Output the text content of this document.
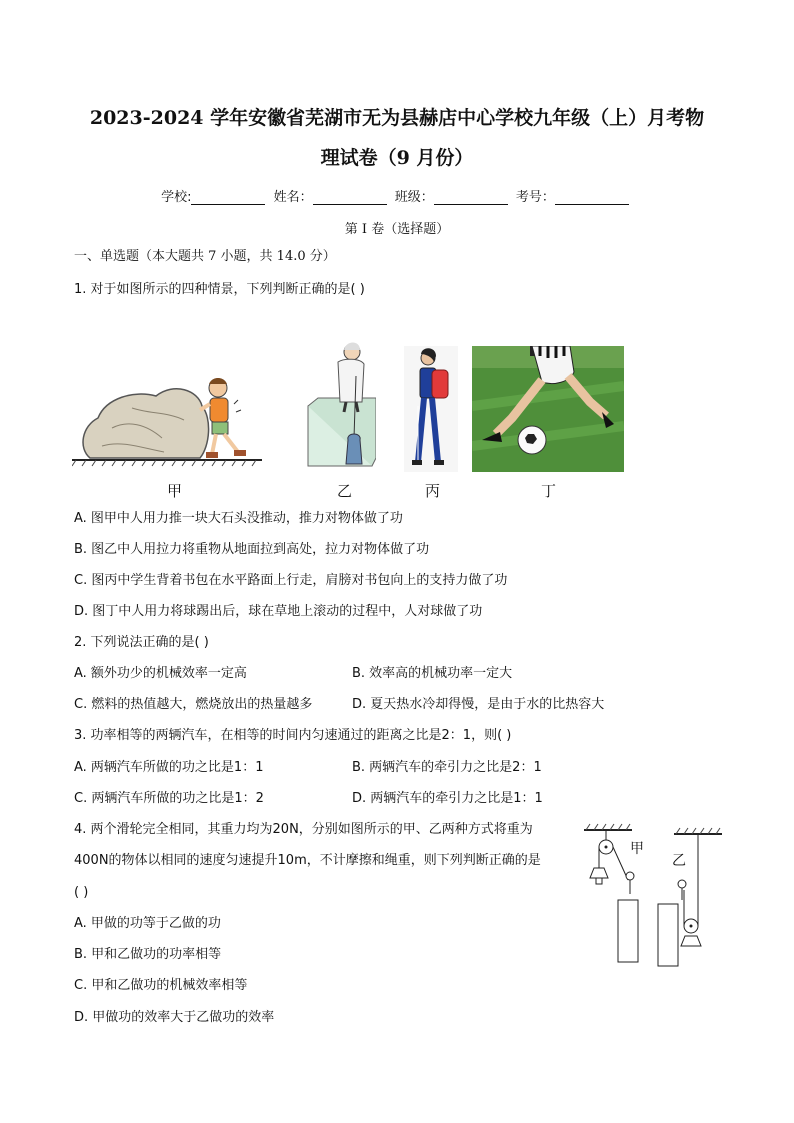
2023-2024 学年安徽省芜湖市无为县赫店中心学校九年级（上）月考物
理试卷（9 月份）
学校:	姓名：	班级：	考号：
第 I 卷（选择题）
一、单选题（本大题共 7 小题，共 14.0 分）
1. 对于如图所示的四种情景，下列判断正确的是( )
甲	乙	丙	丁
A. 图甲中人用力推一块大石头没推动，推力对物体做了功
B. 图乙中人用拉力将重物从地面拉到高处，拉力对物体做了功
C. 图丙中学生背着书包在水平路面上行走，肩膀对书包向上的支持力做了功
D. 图丁中人用力将球踢出后，球在草地上滚动的过程中，人对球做了功
2. 下列说法正确的是( )
A. 额外功少的机械效率一定高	B. 效率高的机械功率一定大
C. 燃料的热值越大，燃烧放出的热量越多	D. 夏天热水冷却得慢，是由于水的比热容大
3. 功率相等的两辆汽车，在相等的时间内匀速通过的距离之比是2：1，则( )
A. 两辆汽车所做的功之比是1：1	B. 两辆汽车的牵引力之比是2：1
C. 两辆汽车所做的功之比是1：2	D. 两辆汽车的牵引力之比是1：1
4. 两个滑轮完全相同，其重力均为20N，分别如图所示的甲、乙两种方式将重为
400N的物体以相同的速度匀速提升10m，不计摩擦和绳重，则下列判断正确的是
( )
甲
乙
A. 甲做的功等于乙做的功
B. 甲和乙做功的功率相等
C. 甲和乙做功的机械效率相等
D. 甲做功的效率大于乙做功的效率
